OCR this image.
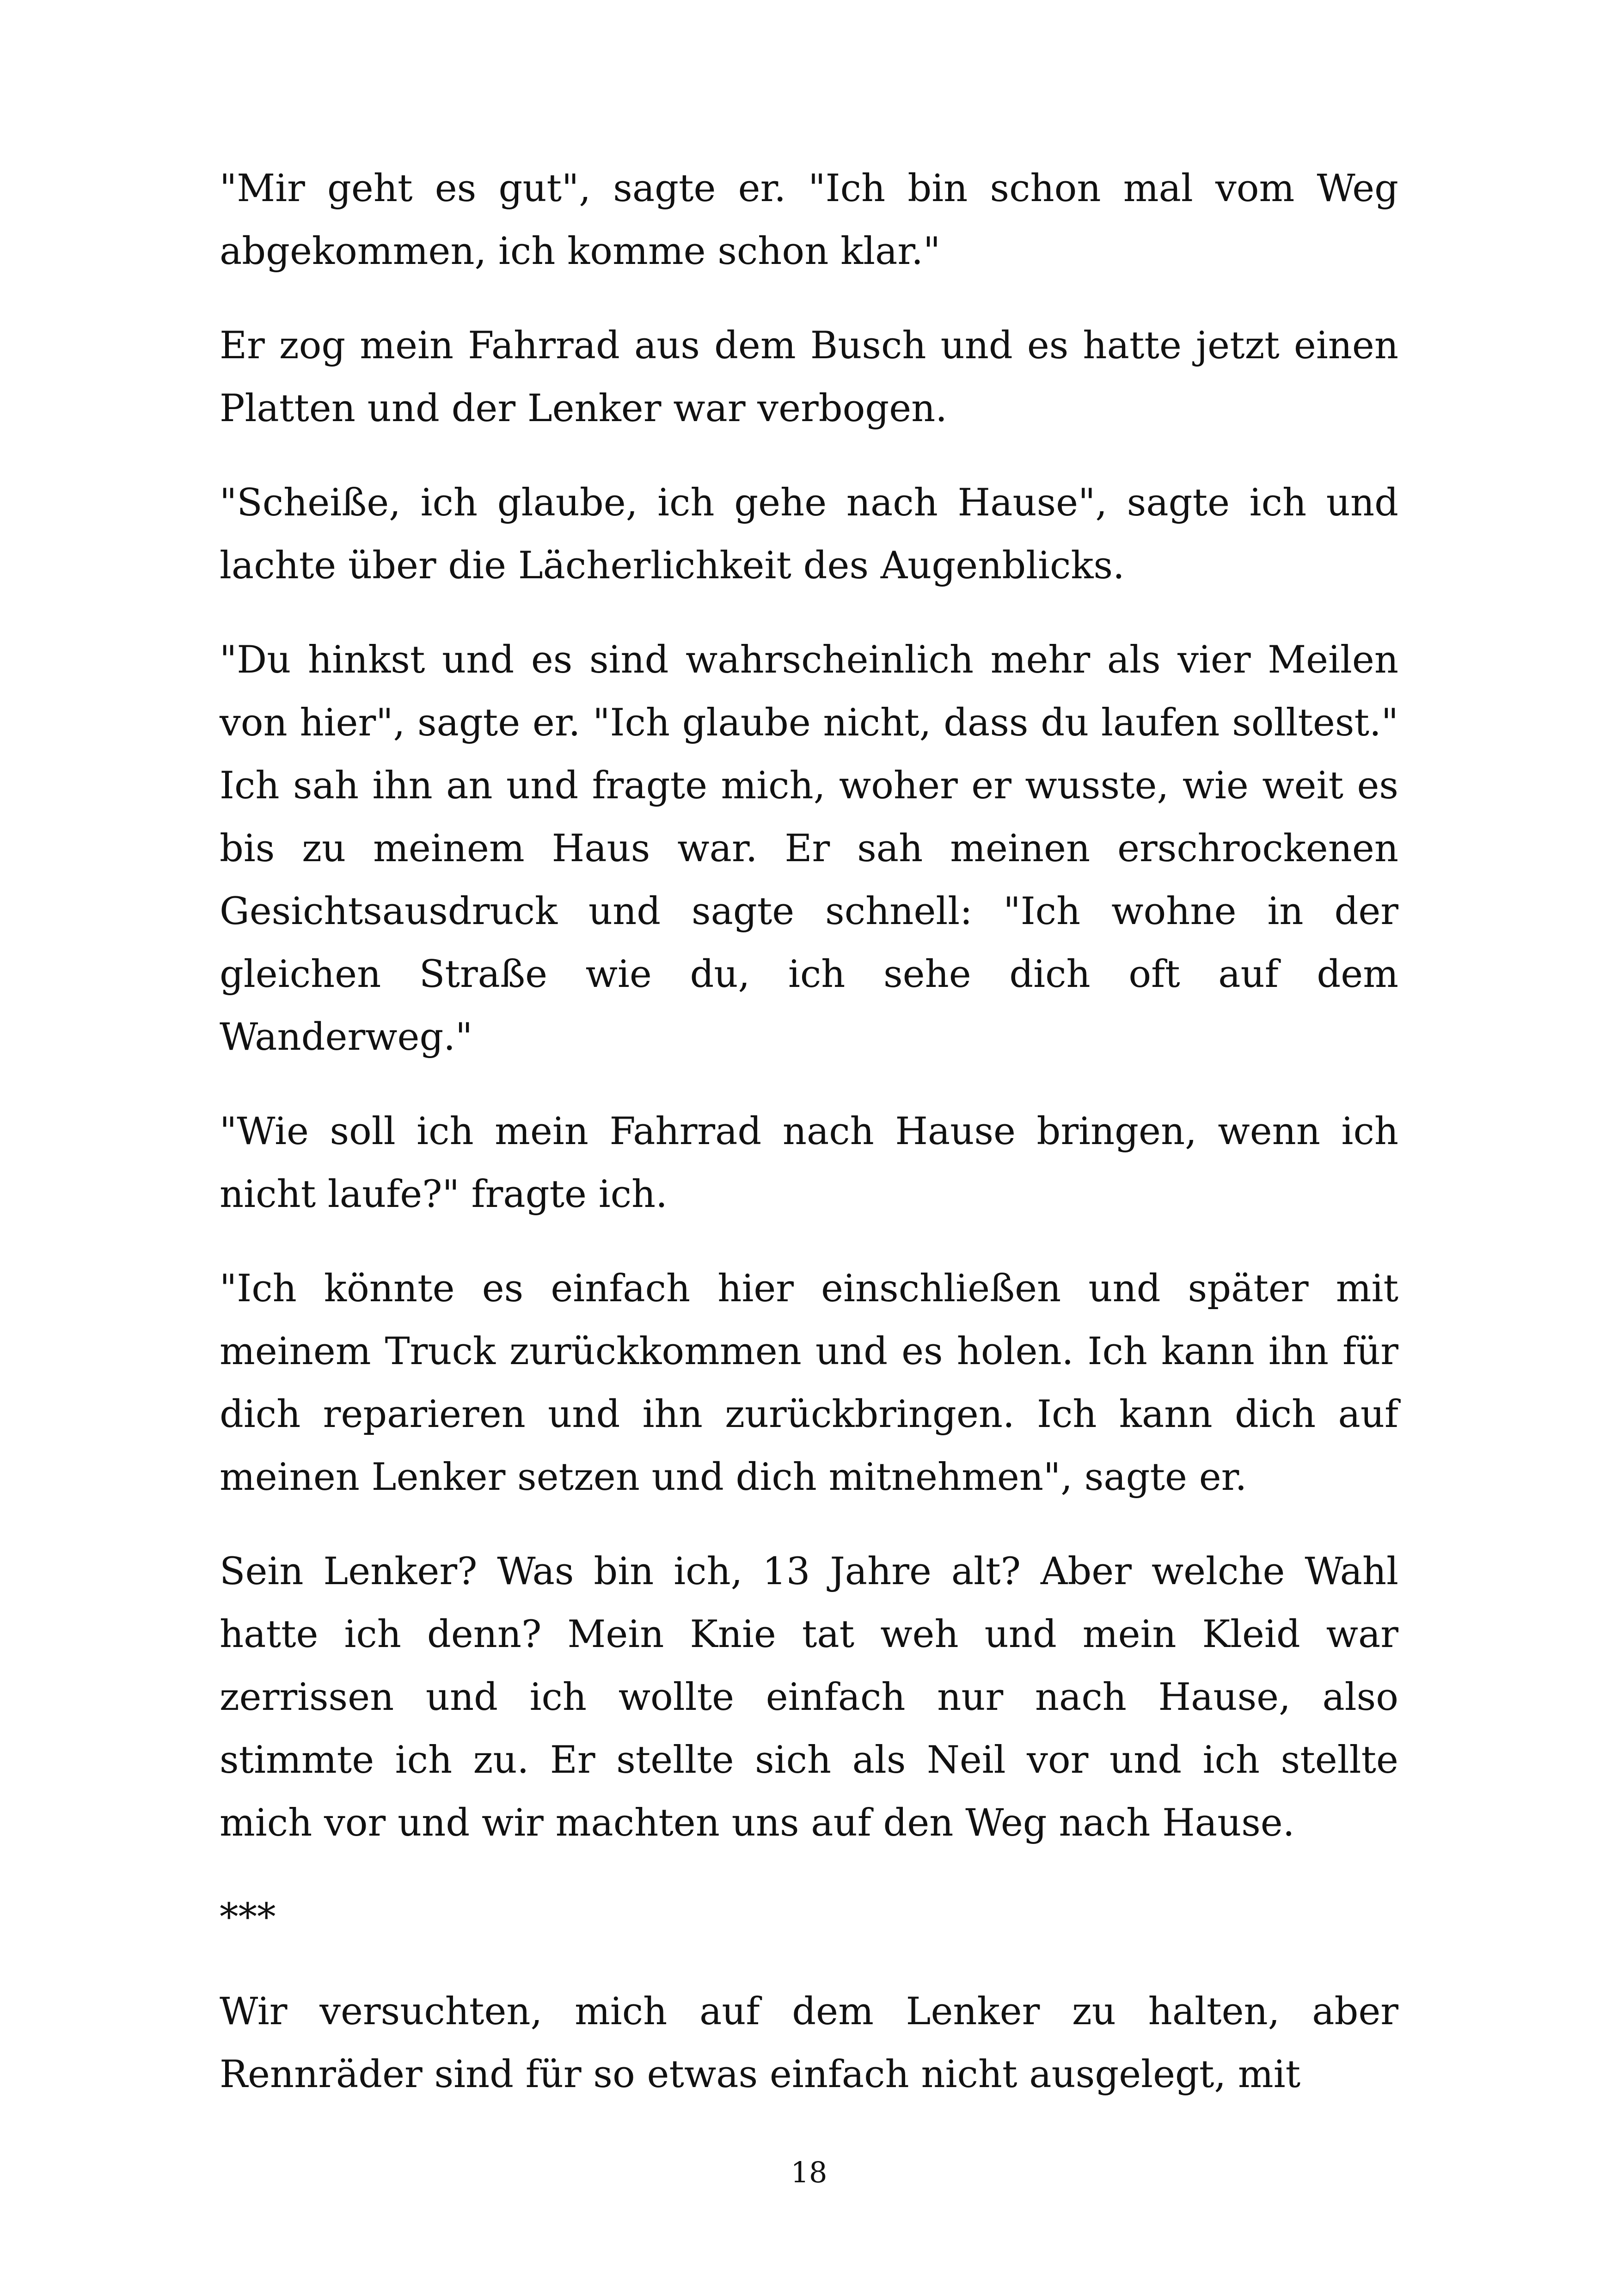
"Mir geht es gut", sagte er. "Ich bin schon mal vom Weg abgekommen, ich komme schon klar."

Er zog mein Fahrrad aus dem Busch und es hatte jetzt einen Platten und der Lenker war verbogen.

"Scheiße, ich glaube, ich gehe nach Hause", sagte ich und lachte über die Lächerlichkeit des Augenblicks.

"Du hinkst und es sind wahrscheinlich mehr als vier Meilen von hier", sagte er. "Ich glaube nicht, dass du laufen solltest." Ich sah ihn an und fragte mich, woher er wusste, wie weit es bis zu meinem Haus war. Er sah meinen erschrockenen Gesichtsausdruck und sagte schnell: "Ich wohne in der gleichen Straße wie du, ich sehe dich oft auf dem Wanderweg."

"Wie soll ich mein Fahrrad nach Hause bringen, wenn ich nicht laufe?" fragte ich.

"Ich könnte es einfach hier einschließen und später mit meinem Truck zurückkommen und es holen. Ich kann ihn für dich reparieren und ihn zurückbringen. Ich kann dich auf meinen Lenker setzen und dich mitnehmen", sagte er.

Sein Lenker? Was bin ich, 13 Jahre alt? Aber welche Wahl hatte ich denn? Mein Knie tat weh und mein Kleid war zerrissen und ich wollte einfach nur nach Hause, also stimmte ich zu. Er stellte sich als Neil vor und ich stellte mich vor und wir machten uns auf den Weg nach Hause.

***

Wir versuchten, mich auf dem Lenker zu halten, aber Rennräder sind für so etwas einfach nicht ausgelegt, mit

18
